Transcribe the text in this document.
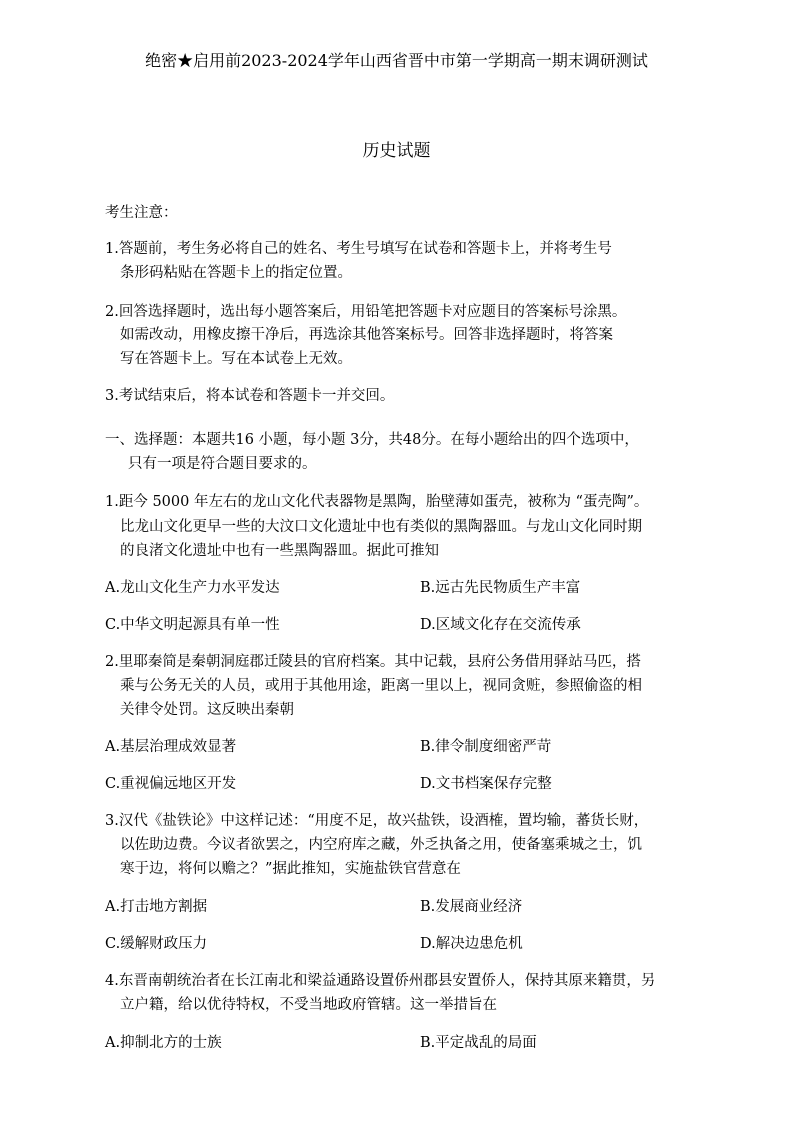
绝密★启用前2023-2024学年山西省晋中市第一学期高一期末调研测试
历史试题
考生注意：
1.答题前，考生务必将自己的姓名、考生号填写在试卷和答题卡上，并将考生号
条形码粘贴在答题卡上的指定位置。
2.回答选择题时，选出每小题答案后，用铅笔把答题卡对应题目的答案标号涂黑。
如需改动，用橡皮擦干净后，再选涂其他答案标号。回答非选择题时，将答案
写在答题卡上。写在本试卷上无效。
3.考试结束后，将本试卷和答题卡一并交回。
一、选择题：本题共16 小题，每小题 3分，共48分。在每小题给出的四个选项中，
只有一项是符合题目要求的。
1.距今 5000 年左右的龙山文化代表器物是黑陶，胎壁薄如蛋壳，被称为 “蛋壳陶”。
比龙山文化更早一些的大汶口文化遗址中也有类似的黑陶器皿。与龙山文化同时期
的良渚文化遗址中也有一些黑陶器皿。据此可推知
A.龙山文化生产力水平发达	B.远古先民物质生产丰富
C.中华文明起源具有单一性	D.区域文化存在交流传承
2.里耶秦简是秦朝洞庭郡迁陵县的官府档案。其中记载，县府公务借用驿站马匹，搭
乘与公务无关的人员，或用于其他用途，距离一里以上，视同贪赃，参照偷盗的相
关律令处罚。这反映出秦朝
A.基层治理成效显著	B.律令制度细密严苛
C.重视偏远地区开发	D.文书档案保存完整
3.汉代《盐铁论》中这样记述：“用度不足，故兴盐铁，设酒榷，置均输，蕃货长财，
以佐助边费。今议者欲罢之，内空府库之藏，外乏执备之用，使备塞乘城之士，饥
寒于边，将何以赡之？”据此推知，实施盐铁官营意在
A.打击地方割据	B.发展商业经济
C.缓解财政压力	D.解决边患危机
4.东晋南朝统治者在长江南北和梁益通路设置侨州郡县安置侨人，保持其原来籍贯，另
立户籍，给以优待特权，不受当地政府管辖。这一举措旨在
A.抑制北方的士族	B.平定战乱的局面
